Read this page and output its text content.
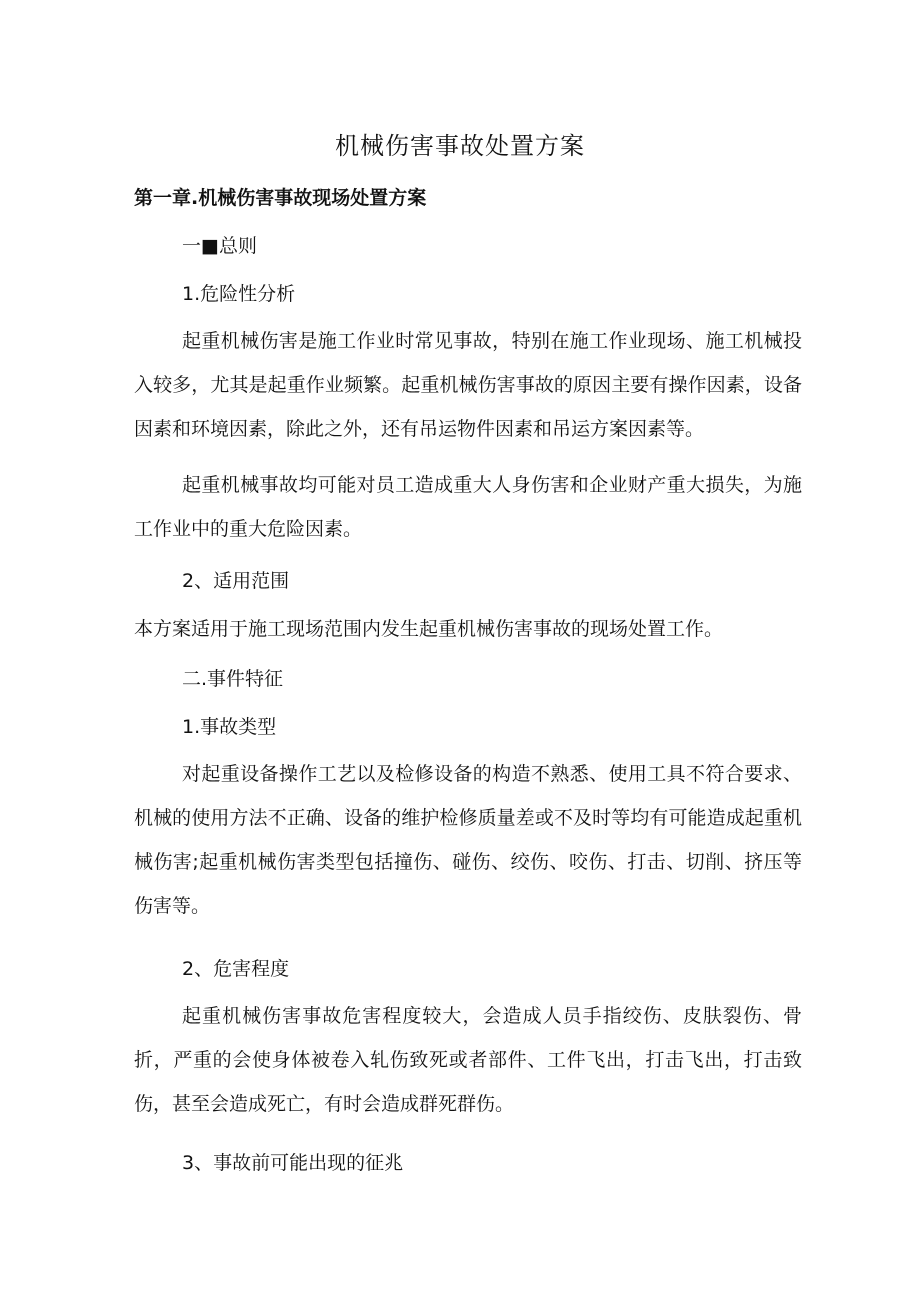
机械伤害事故处置方案
第一章.机械伤害事故现场处置方案

一■总则

1.危险性分析

起重机械伤害是施工作业时常见事故，特别在施工作业现场、施工机械投入较多，尤其是起重作业频繁。起重机械伤害事故的原因主要有操作因素，设备因素和环境因素，除此之外，还有吊运物件因素和吊运方案因素等。

起重机械事故均可能对员工造成重大人身伤害和企业财产重大损失，为施工作业中的重大危险因素。

2、适用范围

本方案适用于施工现场范围内发生起重机械伤害事故的现场处置工作。

二.事件特征

1.事故类型

对起重设备操作工艺以及检修设备的构造不熟悉、使用工具不符合要求、机械的使用方法不正确、设备的维护检修质量差或不及时等均有可能造成起重机械伤害;起重机械伤害类型包括撞伤、碰伤、绞伤、咬伤、打击、切削、挤压等伤害等。

2、危害程度

起重机械伤害事故危害程度较大，会造成人员手指绞伤、皮肤裂伤、骨折，严重的会使身体被卷入轧伤致死或者部件、工件飞出，打击飞出，打击致伤，甚至会造成死亡，有时会造成群死群伤。

3、事故前可能出现的征兆
